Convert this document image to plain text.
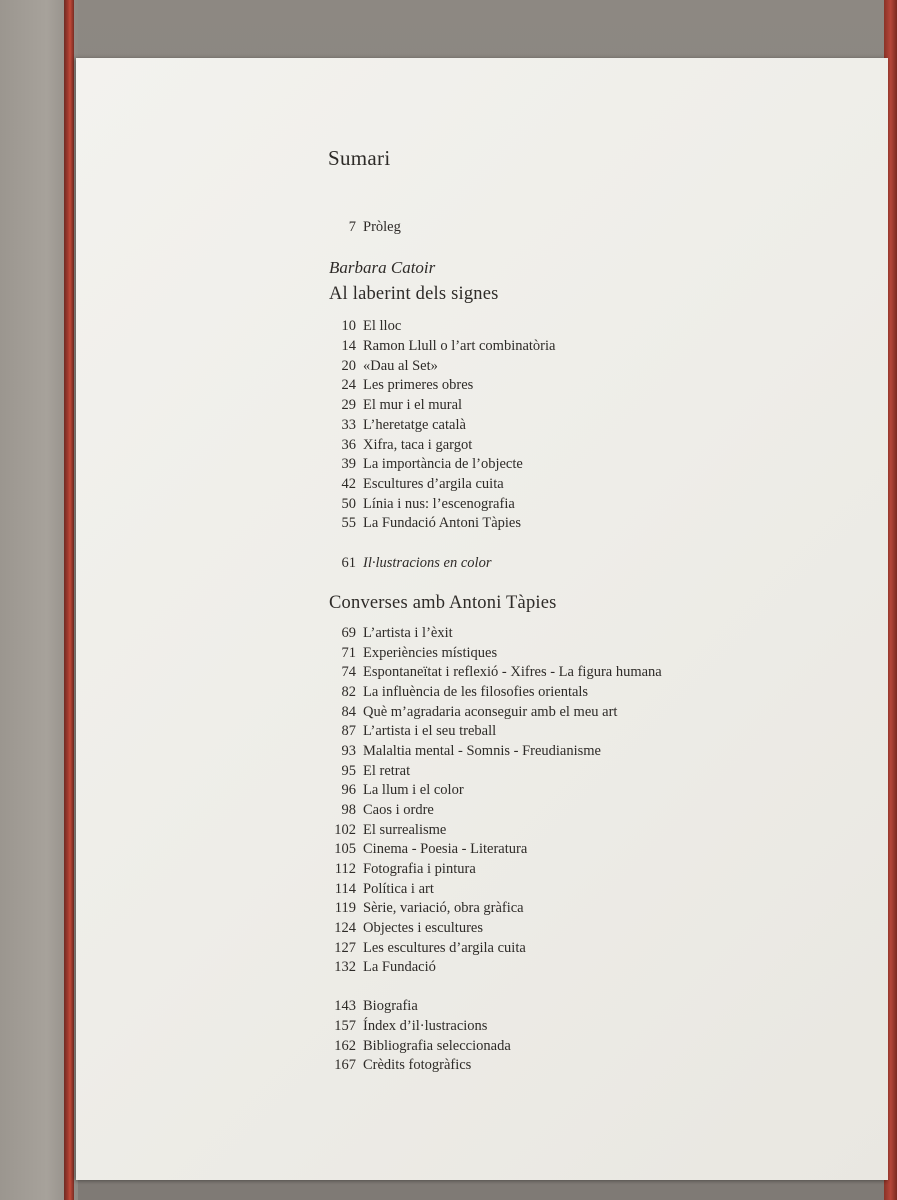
Sumari
7 Pròleg
Barbara Catoir
Al laberint dels signes
10 El lloc
14 Ramon Llull o l’art combinatòria
20 «Dau al Set»
24 Les primeres obres
29 El mur i el mural
33 L’heretatge català
36 Xifra, taca i gargot
39 La importància de l’objecte
42 Escultures d’argila cuita
50 Línia i nus: l’escenografia
55 La Fundació Antoni Tàpies
61 Il·lustracions en color
Converses amb Antoni Tàpies
69 L’artista i l’èxit
71 Experiències místiques
74 Espontaneïtat i reflexió - Xifres - La figura humana
82 La influència de les filosofies orientals
84 Què m’agradaria aconseguir amb el meu art
87 L’artista i el seu treball
93 Malaltia mental - Somnis - Freudianisme
95 El retrat
96 La llum i el color
98 Caos i ordre
102 El surrealisme
105 Cinema - Poesia - Literatura
112 Fotografia i pintura
114 Política i art
119 Sèrie, variació, obra gràfica
124 Objectes i escultures
127 Les escultures d’argila cuita
132 La Fundació
143 Biografia
157 Índex d’il·lustracions
162 Bibliografia seleccionada
167 Crèdits fotogràfics
